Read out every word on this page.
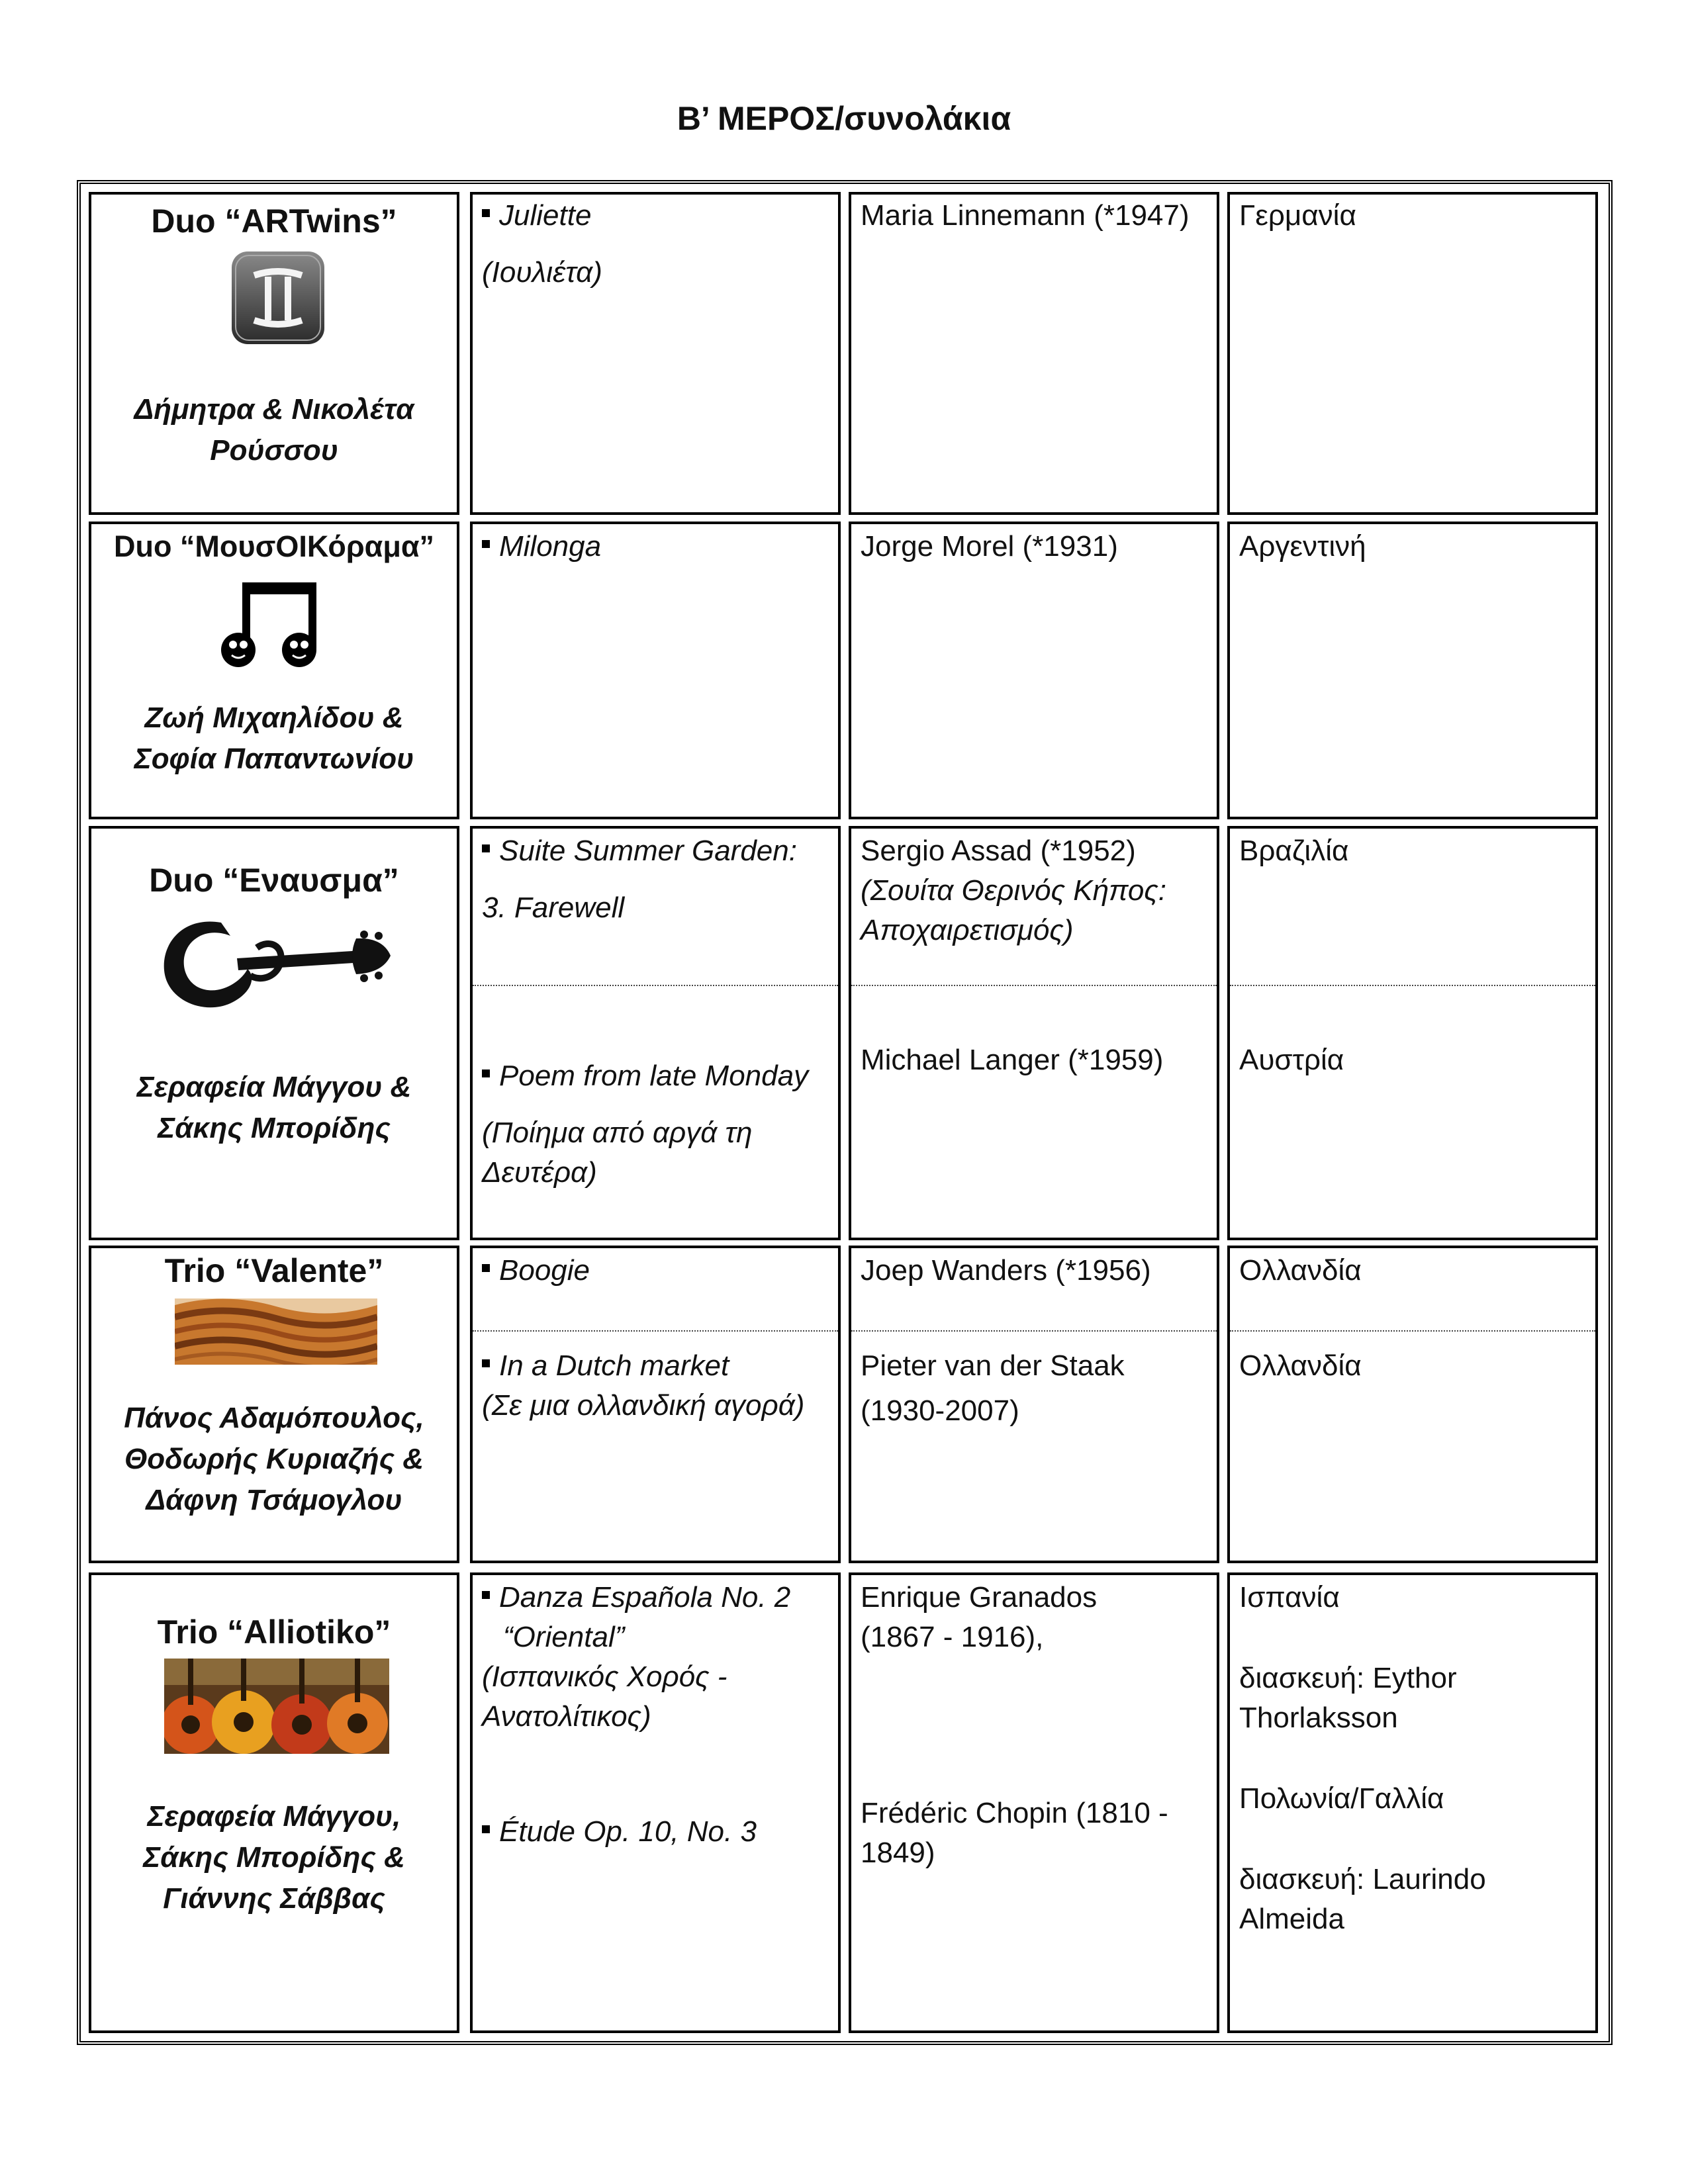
Β’ ΜΕΡΟΣ/συνολάκια
Duo “ARTwins”
Δήμητρα & Νικολέτα Ρούσσου
Juliette
(Ιουλιέτα)
Maria Linnemann (*1947) Γερμανία
Duo “ΜουσΟΙΚόραμα”
Ζωή Μιχαηλίδου & Σοφία Παπαντωνίου
Milonga	Jorge Morel (*1931)	Αργεντινή
Duo “Εναυσμα”
Σεραφεία Μάγγου & Σάκης Μπορίδης
Suite Summer Garden:
3. Farewell
Poem from late Monday
(Ποίημα από αργά τη
Δευτέρα)
Sergio Assad (*1952)
(Σουίτα Θερινός Κήπος:
Αποχαιρετισμός)
Michael Langer (*1959)
Βραζιλία
Αυστρία
Trio “Valente”
Πάνος Αδαμόπουλος, Θοδωρής Κυριαζής & Δάφνη Τσάμογλου
Boogie
In a Dutch market
(Σε μια ολλανδική αγορά)
Joep Wanders (*1956)
Pieter van der Staak
(1930-2007)
Ολλανδία
Ολλανδία
Trio “Alliotiko”
Σεραφεία Μάγγου, Σάκης Μπορίδης & Γιάννης Σάββας
Danza Española No. 2
“Oriental”
(Ισπανικός Χορός -
Ανατολίτικος)
Étude Op. 10, No. 3
Enrique Granados
(1867 - 1916),
Frédéric Chopin (1810 -
1849)
Ισπανία
διασκευή: Eythor
Thorlaksson
Πολωνία/Γαλλία
διασκευή: Laurindo
Almeida
